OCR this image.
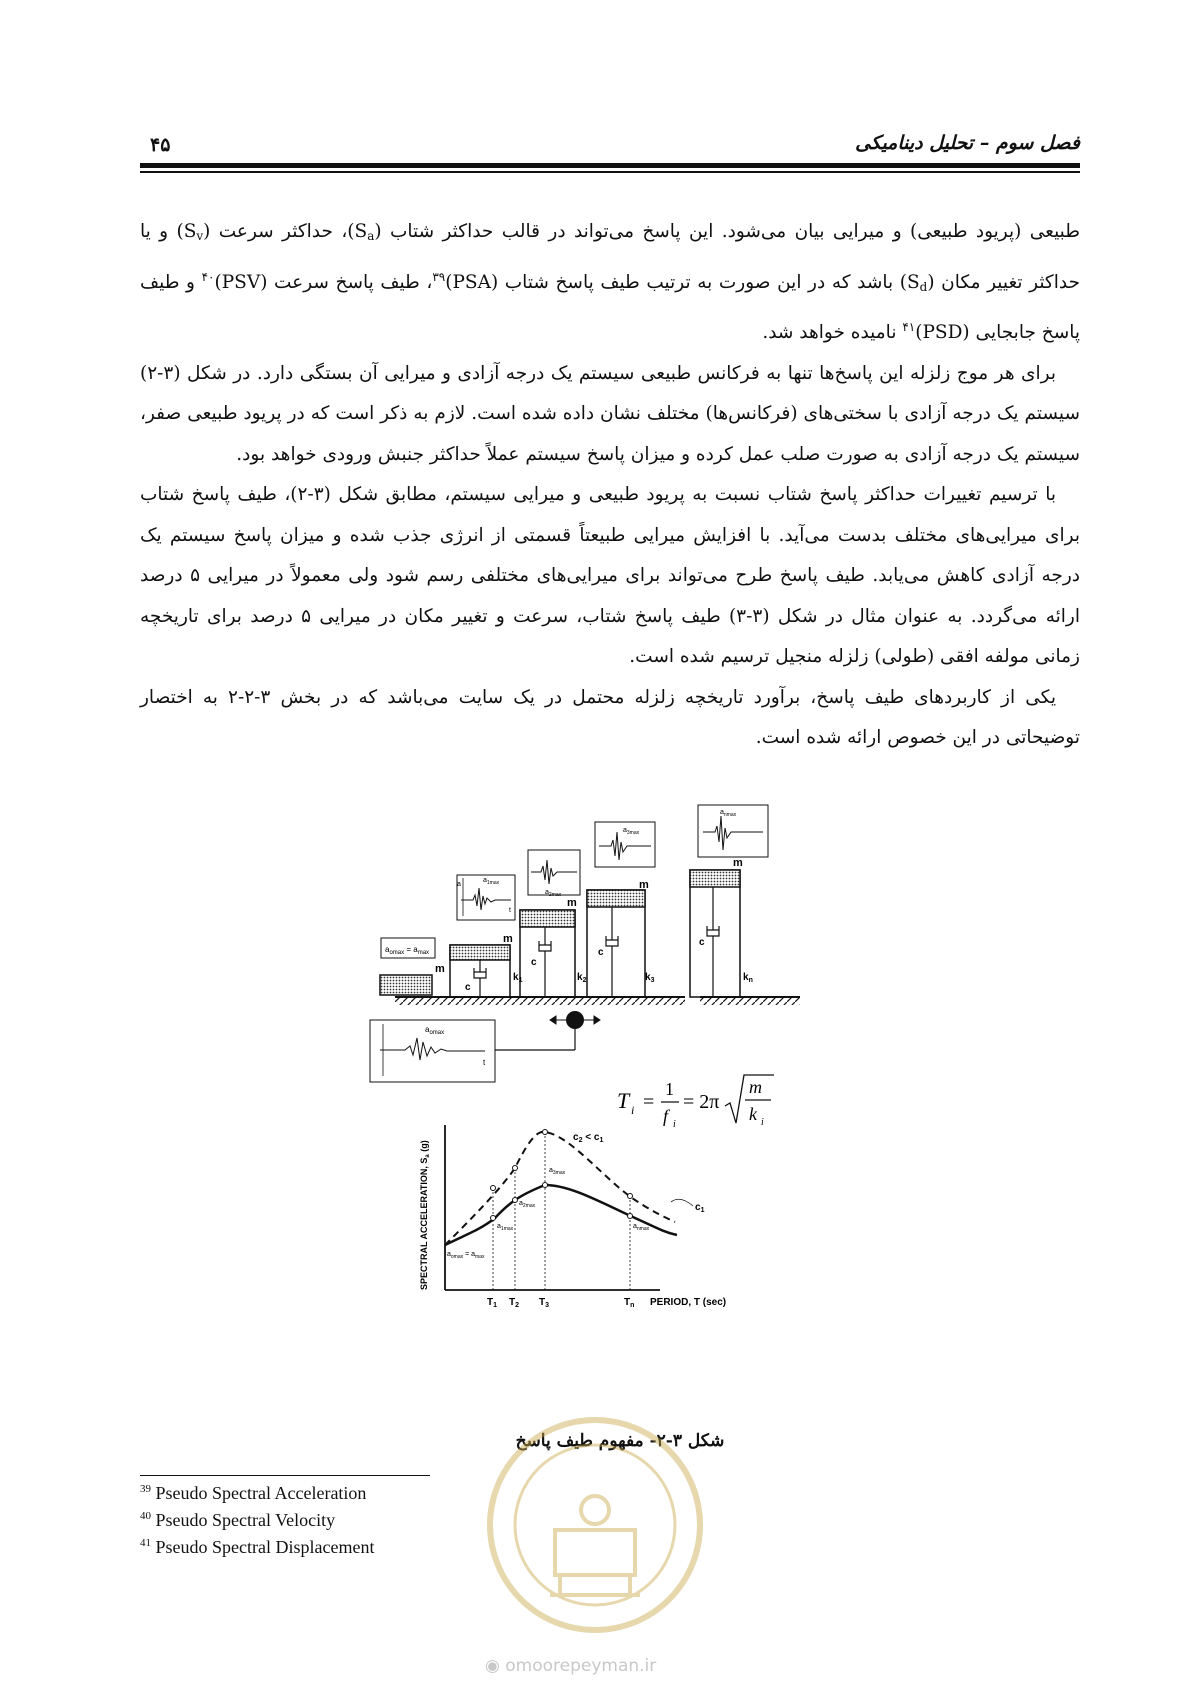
۴۵	فصل سوم – تحلیل دینامیکی

طبیعی (پریود طبیعی) و میرایی بیان می‌شود. این پاسخ می‌تواند در قالب حداکثر شتاب $(S_a)،$ حداکثر سرعت $(S_v)$ و یا حداکثر تغییر مکان $(S_d)$ باشد که در این صورت به ترتیب طیف پاسخ شتاب (PSA)$^{۳۹}$، طیف پاسخ سرعت (PSV)$^{۴۰}$ و طیف پاسخ جابجایی (PSD)$^{۴۱}$ نامیده خواهد شد.

برای هر موج زلزله این پاسخ‌ها تنها به فرکانس طبیعی سیستم یک درجه آزادی و میرایی آن بستگی دارد. در شکل (۳-۲) سیستم یک درجه آزادی با سختی‌های (فرکانس‌ها) مختلف نشان داده شده است. لازم به ذکر است که در پریود طبیعی صفر، سیستم یک درجه آزادی به صورت صلب عمل کرده و میزان پاسخ سیستم عملاً حداکثر جنبش ورودی خواهد بود.

با ترسیم تغییرات حداکثر پاسخ شتاب نسبت به پریود طبیعی و میرایی سیستم، مطابق شکل (۳-۲)، طیف پاسخ شتاب برای میرایی‌های مختلف بدست می‌آید. با افزایش میرایی طبیعتاً قسمتی از انرژی جذب شده و میزان پاسخ سیستم یک درجه آزادی کاهش می‌یابد. طیف پاسخ طرح می‌تواند برای میرایی‌های مختلفی رسم شود ولی معمولاً در میرایی ۵ درصد ارائه می‌گردد. به عنوان مثال در شکل (۳-۳) طیف پاسخ شتاب، سرعت و تغییر مکان در میرایی ۵ درصد برای تاریخچه زمانی مولفه افقی (طولی) زلزله منجیل ترسیم شده است.

یکی از کاربردهای طیف پاسخ، برآورد تاریخچه زلزله محتمل در یک سایت می‌باشد که در بخش ۳-۲-۲ به اختصار توضیحاتی در این خصوص ارائه شده است.

m
$a_{omax} = a_{max}$
m
c
$k_1$
a
$a_{1max}$
t
m
c
$k_2$
$a_{2max}$
m
c
$k_3$
$a_{3max}$
m
c
$k_n$
$a_{nmax}$
$a_{omax}$
t
T i =
1
f i
= 2π
m
k i
SPECTRAL ACCELERATION, $S_a$ (g)
$c_2 < c_1$
$c_1$
$a_{1max}$
$a_{2max}$
$a_{3max}$
$a_{nmax}$
$a_{omax} = a_{max}$
$T_1$ $T_2$ $T_3$	$T_n$ PERIOD, T (sec)
شکل ۳-۲- مفهوم طیف پاسخ
$^{39}$ Pseudo Spectral Acceleration
$^{40}$ Pseudo Spectral Velocity
$^{41}$ Pseudo Spectral Displacement
◉ omoorepeyman.ir
